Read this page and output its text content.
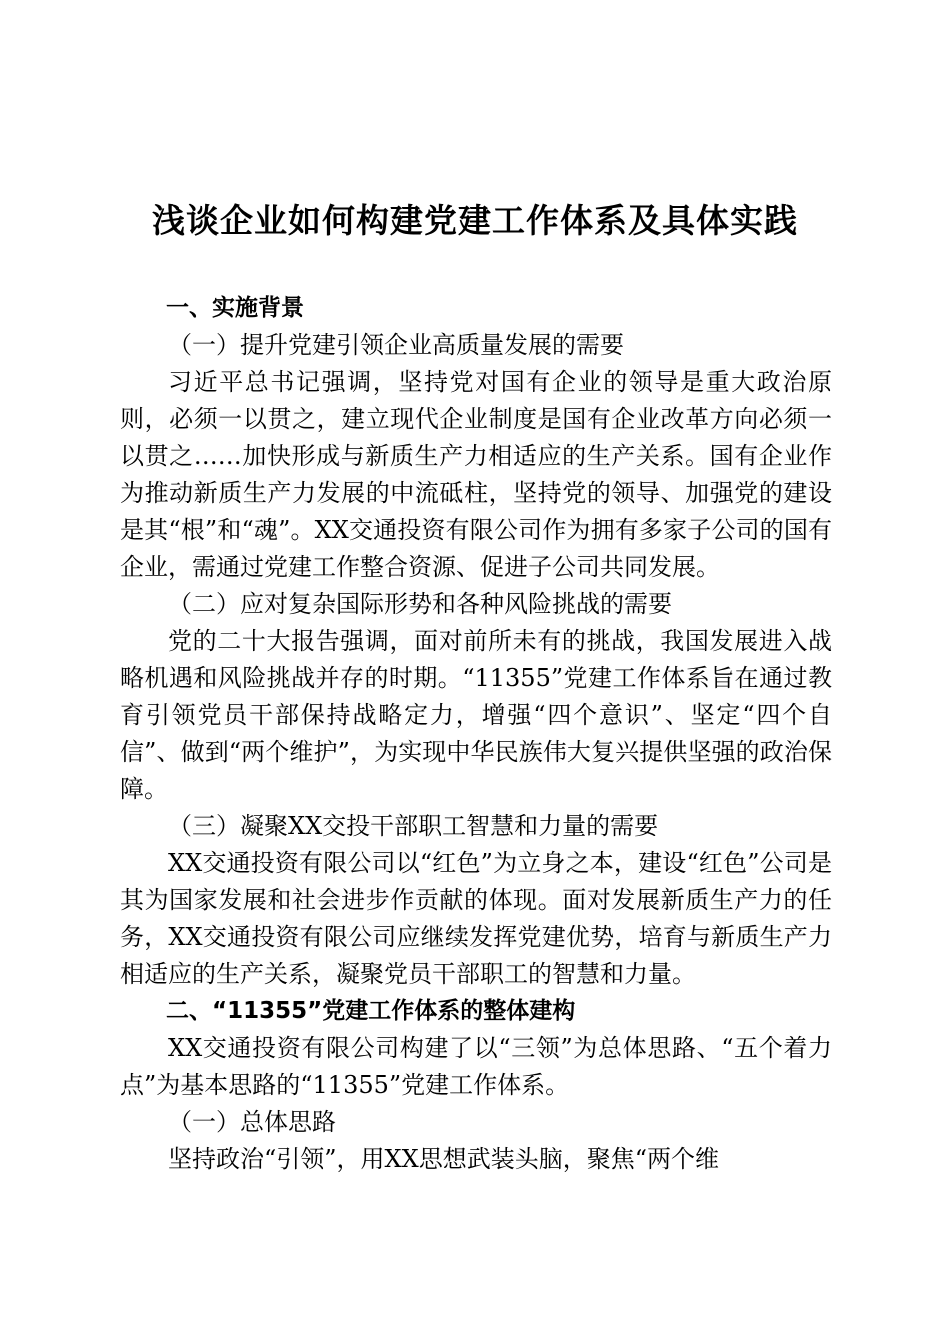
浅谈企业如何构建党建工作体系及具体实践

一、实施背景

（一）提升党建引领企业高质量发展的需要

习近平总书记强调，坚持党对国有企业的领导是重大政治原则，必须一以贯之，建立现代企业制度是国有企业改革方向必须一以贯之……加快形成与新质生产力相适应的生产关系。国有企业作为推动新质生产力发展的中流砥柱，坚持党的领导、加强党的建设是其“根”和“魂”。XX交通投资有限公司作为拥有多家子公司的国有企业，需通过党建工作整合资源、促进子公司共同发展。

（二）应对复杂国际形势和各种风险挑战的需要

党的二十大报告强调，面对前所未有的挑战，我国发展进入战略机遇和风险挑战并存的时期。“11355”党建工作体系旨在通过教育引领党员干部保持战略定力，增强“四个意识”、坚定“四个自信”、做到“两个维护”，为实现中华民族伟大复兴提供坚强的政治保障。

（三）凝聚XX交投干部职工智慧和力量的需要

XX交通投资有限公司以“红色”为立身之本，建设“红色”公司是其为国家发展和社会进步作贡献的体现。面对发展新质生产力的任务，XX交通投资有限公司应继续发挥党建优势，培育与新质生产力相适应的生产关系，凝聚党员干部职工的智慧和力量。

二、“11355”党建工作体系的整体建构

XX交通投资有限公司构建了以“三领”为总体思路、“五个着力点”为基本思路的“11355”党建工作体系。

（一）总体思路

坚持政治“引领”，用XX思想武装头脑，聚焦“两个维
